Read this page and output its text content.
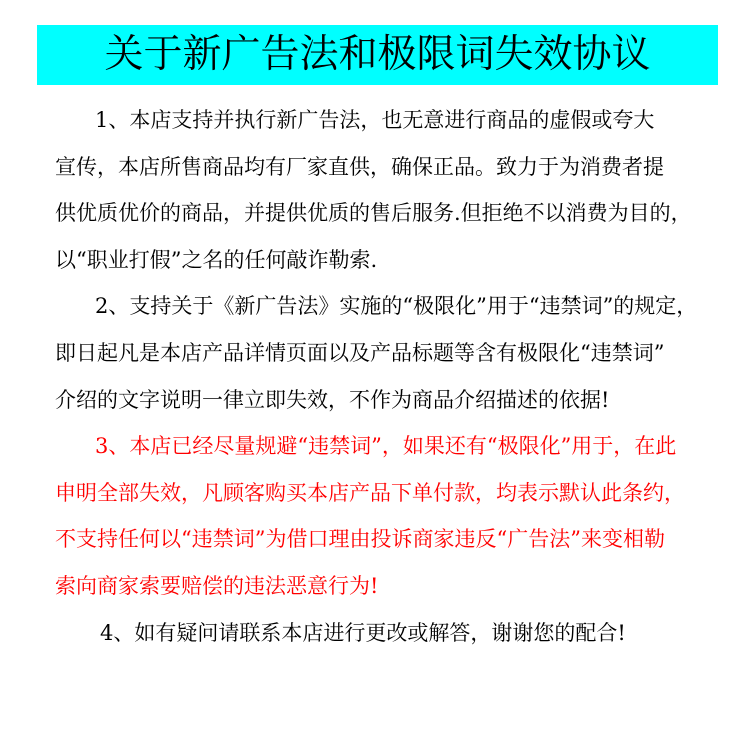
关于新广告法和极限词失效协议
1、本店支持并执行新广告法，也无意进行商品的虚假或夸大
宣传，本店所售商品均有厂家直供，确保正品。致力于为消费者提
供优质优价的商品，并提供优质的售后服务.但拒绝不以消费为目的，
以“职业打假”之名的任何敲诈勒索.
2、支持关于《新广告法》实施的“极限化”用于“违禁词”的规定，
即日起凡是本店产品详情页面以及产品标题等含有极限化“违禁词”
介绍的文字说明一律立即失效，不作为商品介绍描述的依据!
3、本店已经尽量规避“违禁词”，如果还有“极限化”用于，在此
申明全部失效，凡顾客购买本店产品下单付款，均表示默认此条约，
不支持任何以“违禁词”为借口理由投诉商家违反“广告法”来变相勒
索向商家索要赔偿的违法恶意行为!
4、如有疑问请联系本店进行更改或解答，谢谢您的配合!
